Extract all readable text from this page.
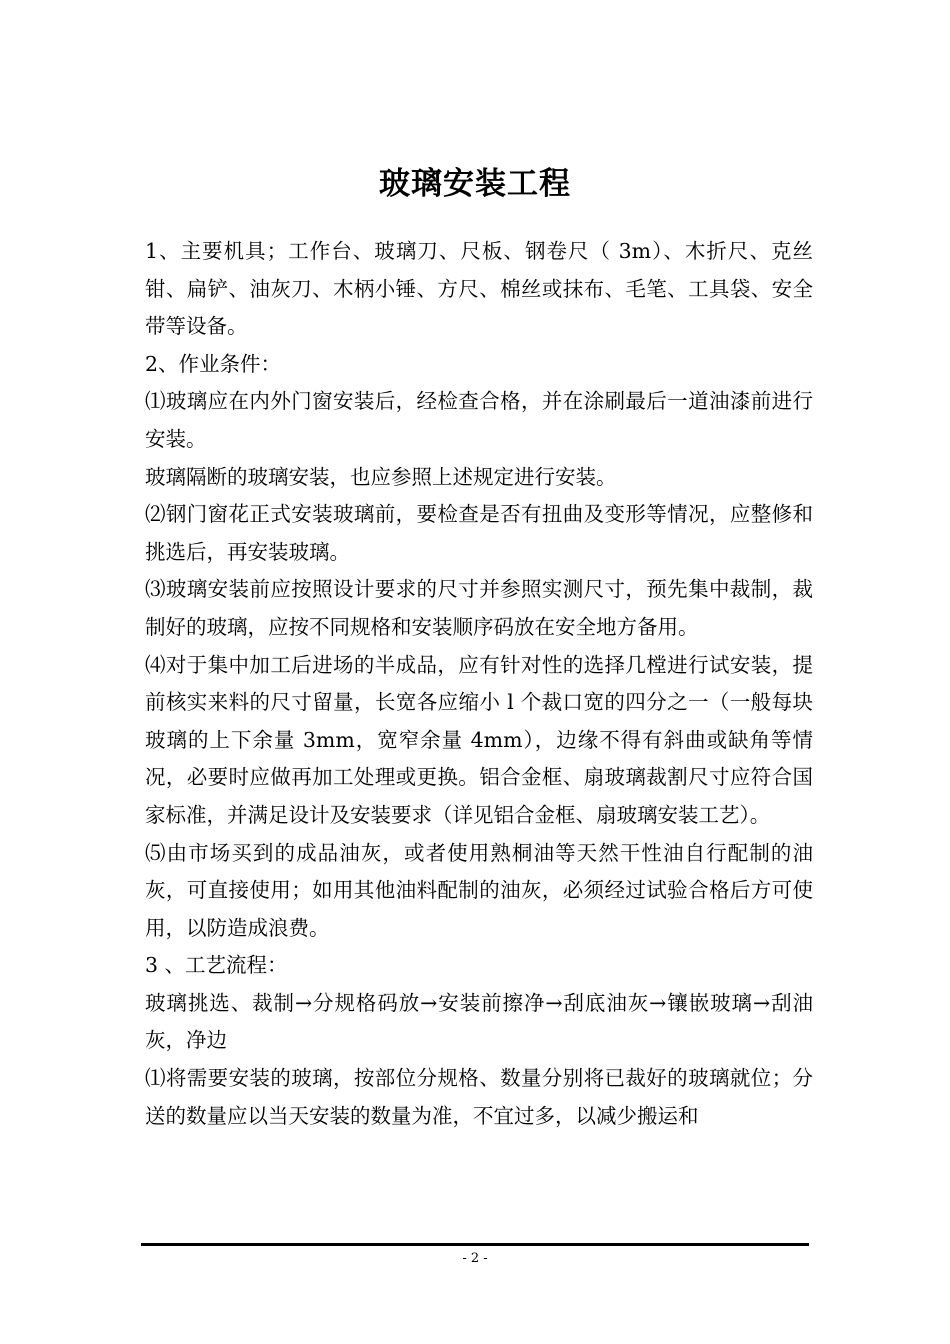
玻璃安装工程

1、主要机具；工作台、玻璃刀、尺板、钢卷尺（ 3m）、木折尺、克丝钳、扁铲、油灰刀、木柄小锤、方尺、棉丝或抹布、毛笔、工具袋、安全带等设备。

2、作业条件：

⑴玻璃应在内外门窗安装后，经检查合格，并在涂刷最后一道油漆前进行安装。

玻璃隔断的玻璃安装，也应参照上述规定进行安装。

⑵钢门窗花正式安装玻璃前，要检查是否有扭曲及变形等情况，应整修和挑选后，再安装玻璃。

⑶玻璃安装前应按照设计要求的尺寸并参照实测尺寸，预先集中裁制，裁制好的玻璃，应按不同规格和安装顺序码放在安全地方备用。

⑷对于集中加工后进场的半成品，应有针对性的选择几樘进行试安装，提前核实来料的尺寸留量，长宽各应缩小 l 个裁口宽的四分之一（一般每块玻璃的上下余量 3mm，宽窄余量 4mm），边缘不得有斜曲或缺角等情况，必要时应做再加工处理或更换。铝合金框、扇玻璃裁割尺寸应符合国家标准，并满足设计及安装要求（详见铝合金框、扇玻璃安装工艺）。

⑸由市场买到的成品油灰，或者使用熟桐油等天然干性油自行配制的油灰，可直接使用；如用其他油料配制的油灰，必须经过试验合格后方可使用，以防造成浪费。

3 、工艺流程：

玻璃挑选、裁制→分规格码放→安装前擦净→刮底油灰→镶嵌玻璃→刮油灰，净边

⑴将需要安装的玻璃，按部位分规格、数量分别将已裁好的玻璃就位；分送的数量应以当天安装的数量为准，不宜过多，以减少搬运和

- 2 -
